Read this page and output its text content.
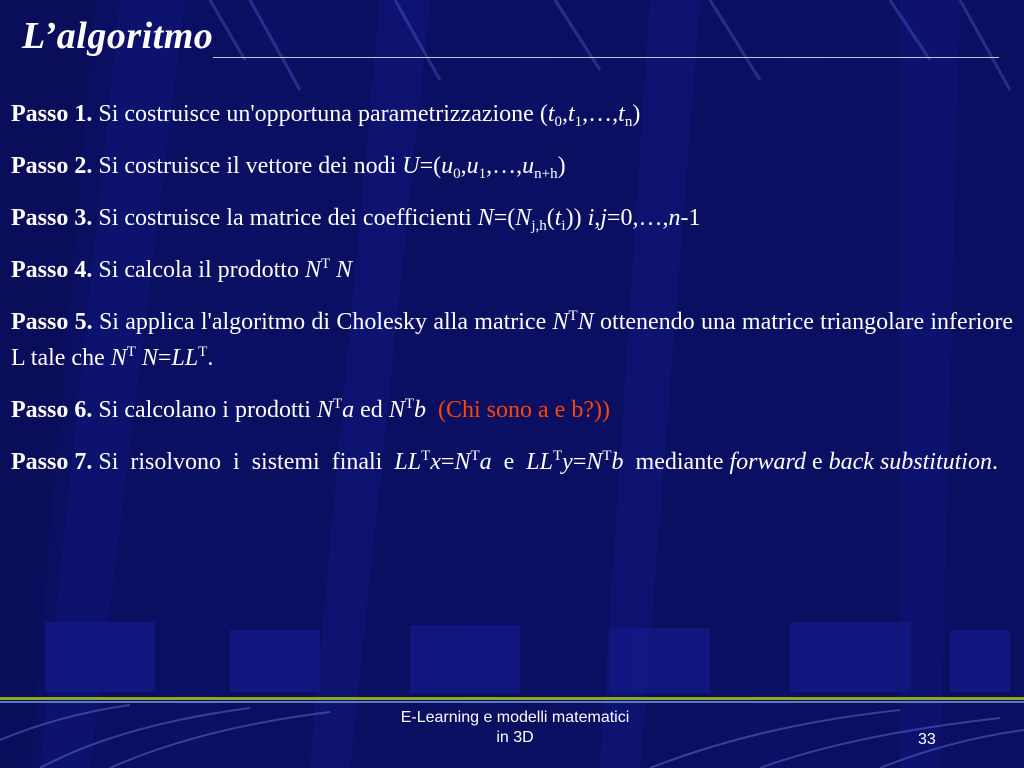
L’algoritmo

Passo 1. Si costruisce un'opportuna parametrizzazione $(t_0,t_1,\dots,t_n)$

Passo 2. Si costruisce il vettore dei nodi $U=(u_0,u_1,\dots,u_{n+h})$

Passo 3. Si costruisce la matrice dei coefficienti $N=(N_{j,h}(t_i))$ i,j=0,…,n-1

Passo 4. Si calcola il prodotto $N^T$ N

Passo 5. Si applica l'algoritmo di Cholesky alla matrice $N^TN$ ottenendo una matrice triangolare inferiore L tale che $N^T$ $N=LL^T$.

Passo 6. Si calcolano i prodotti $N^Ta$ ed $N^Tb$ (Chi sono a e b?))

Passo 7. Si  risolvono  i  sistemi  finali  $LL^Tx=N^Ta$  e  $LL^Ty=N^Tb$  mediante forward e back substitution.

E-Learning e modelli matematici
in 3D	33
